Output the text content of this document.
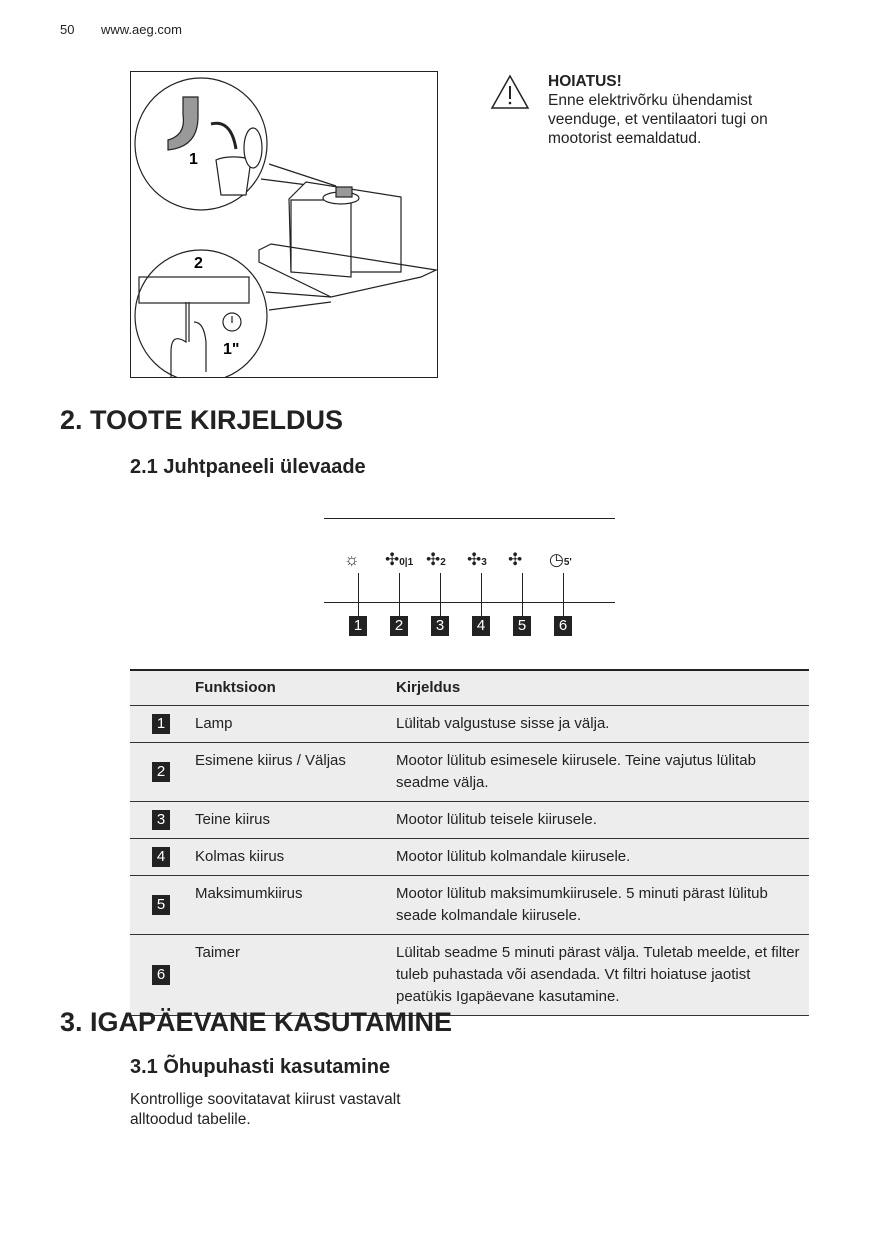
50 www.aeg.com
1
2
1"
HOIATUS!
Enne elektrivõrku ühendamist veenduge, et ventilaatori tugi on mootorist eemaldatud.
2. TOOTE KIRJELDUS
2.1 Juhtpaneeli ülevaade
☼
1
✣0|1
2
✣2
3
✣3
4
✣
5
◷5'
6
	Funktsioon	Kirjeldus
1	Lamp	Lülitab valgustuse sisse ja välja.
2	Esimene kiirus / Väljas	Mootor lülitub esimesele kiirusele. Teine vajutus lülitab seadme välja.
3	Teine kiirus	Mootor lülitub teisele kiirusele.
4	Kolmas kiirus	Mootor lülitub kolmandale kiirusele.
5	Maksimumkiirus	Mootor lülitub maksimumkiirusele. 5 minuti pärast lülitub seade kolmandale kiirusele.
6	Taimer	Lülitab seadme 5 minuti pärast välja. Tuletab meelde, et filter tuleb puhastada või asendada. Vt filtri hoiatuse jaotist peatükis Igapäevane kasutamine.
3. IGAPÄEVANE KASUTAMINE
3.1 Õhupuhasti kasutamine
Kontrollige soovitatavat kiirust vastavalt alltoodud tabelile.
